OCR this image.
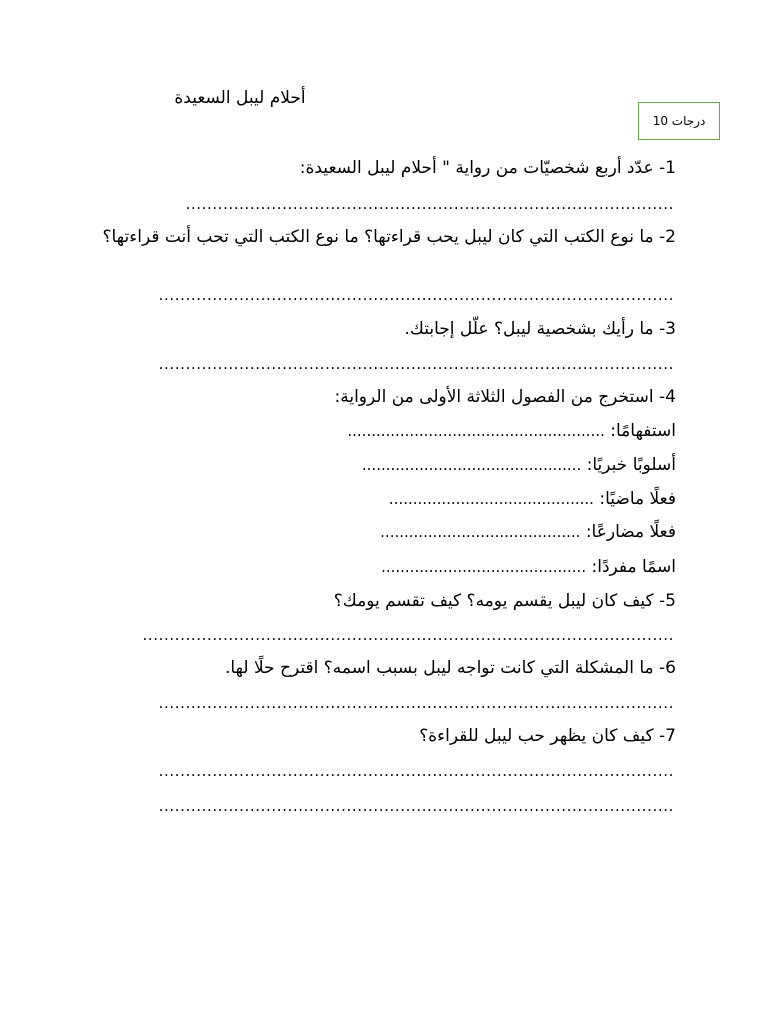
أحلام ليبل السعيدة
درجات 10
1- عدّد أربع شخصيّات من رواية " أحلام ليبل السعيدة:
...........................................................................................
2- ما نوع الكتب التي كان ليبل يحب قراءتها؟ ما نوع الكتب التي تحب أنت قراءتها؟
................................................................................................
3- ما رأيك بشخصية ليبل؟ علّل إجابتك.
................................................................................................
4- استخرج من الفصول الثلاثة الأولى من الرواية:
استفهامًا: ......................................................
أسلوبًا خبريًا: ..............................................
فعلًا ماضيًا: ...........................................
فعلًا مضارعًا: ..........................................
اسمًا مفردًا: ...........................................
5- كيف كان ليبل يقسم يومه؟ كيف تقسم يومك؟
...................................................................................................
6- ما المشكلة التي كانت تواجه ليبل بسبب اسمه؟ اقترح حلًا لها.
................................................................................................
7- كيف كان يظهر حب ليبل للقراءة؟
................................................................................................
................................................................................................
